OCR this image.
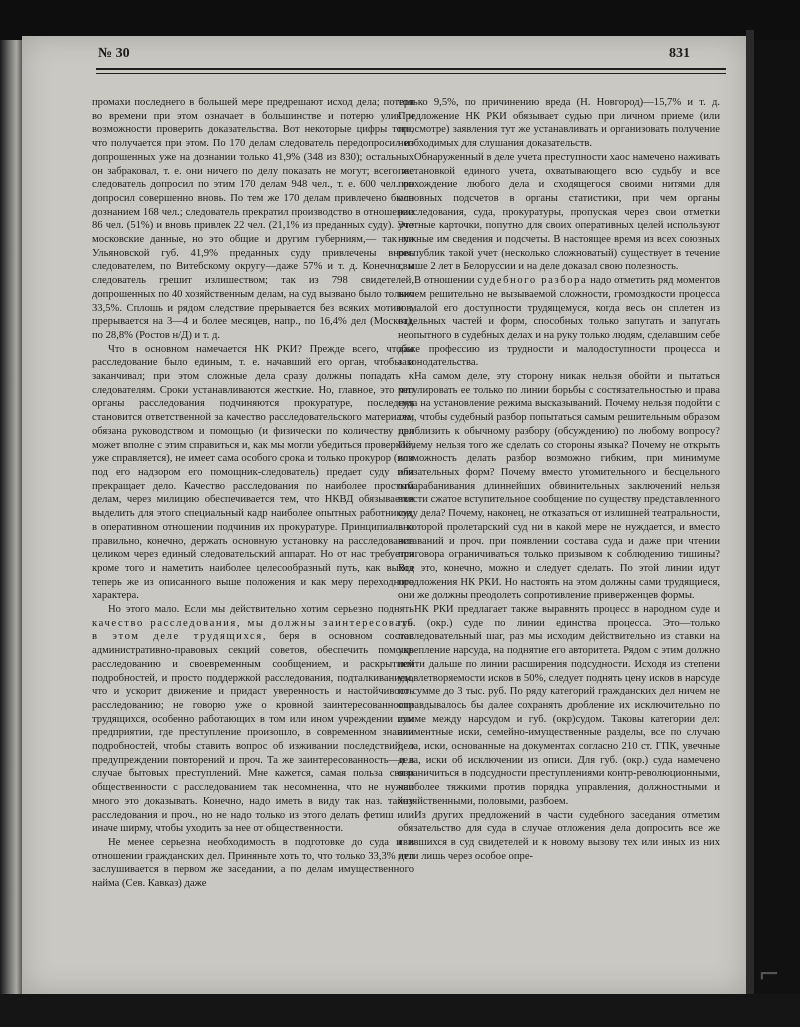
№ 30	831

промахи последнего в большей мере предрешают исход дела; потеря во времени при этом означает в большинстве и потерю улик и возможности проверить доказательства. Вот некоторые цифры того, что получается при этом. По 170 делам следователь передопросил из допрошенных уже на дознании только 41,9% (348 из 830); остальных он забраковал, т. е. они ничего по делу показать не могут; всего же следователь допросил по этим 170 делам 948 чел., т. е. 600 чел. он допросил совершенно вновь. По тем же 170 делам привлечено было дознанием 168 чел.; следователь прекратил производство в отношении 86 чел. (51%) и вновь привлек 22 чел. (21,1% из преданных суду). Это московские данные, но это общие и другим губерниям,— так по Ульяновской губ. 41,9% преданных суду привлечены вновь следователем, по Витебскому округу—даже 57% и т. д. Конечно, и следователь грешит излишеством; так из 798 свидетелей, допрошенных по 40 хозяйственным делам, на суд вызвано было только 33,5%. Сплошь и рядом следствие прерывается без всяких мотивов, прерывается на 3—4 и более месяцев, напр., по 16,4% дел (Москва), по 28,8% (Ростов н/Д) и т. д.

Что в основном намечается НК РКИ? Прежде всего, чтобы расследование было единым, т. е. начавший его орган, чтобы и заканчивал; при этом сложные дела сразу должны попадать к следователям. Сроки устанавливаются жесткие. Но, главное, это что органы расследования подчиняются прокуратуре, последняя становится ответственной за качество расследовательского материала, обязана руководством и помощью (и физически по количеству дел может вполне с этим справиться и, как мы могли убедиться проверкой, уже справляется), не имеет сама особого срока и только прокурор (или под его надзором его помощник-следователь) предает суду или прекращает дело. Качество расследования по наиболее простым делам, через милицию обеспечивается тем, что НКВД обязывается выделить для этого специальный кадр наиболее опытных работников, в оперативном отношении подчинив их прокуратуре. Принципиально правильно, конечно, держать основную установку на расследование целиком через единый следовательский аппарат. Но от нас требуется кроме того и наметить наиболее целесообразный путь, как выход теперь же из описанного выше положения и как меру переходного характера.

Но этого мало. Если мы действительно хотим серьезно поднять качество расследования, мы должны заинтересовать в этом деле трудящихся, беря в основном состав административно-правовых секций советов, обеспечить помощь расследованию и своевременным сообщением, и раскрытием подробностей, и просто поддержкой расследования, подталкиванием, что и ускорит движение и придаст уверенность и настойчивость расследованию; не говорю уже о кровной заинтересованности трудящихся, особенно работающих в том или ином учреждении или предприятии, где преступление произошло, в современном знании подробностей, чтобы ставить вопрос об изживании последствий, о предупреждении повторений и проч. Та же заинтересованность—и в случае бытовых преступлений. Мне кажется, самая польза связи общественности с расследованием так несомненна, что не нужно много это доказывать. Конечно, надо иметь в виду так наз. тайну расследования и проч., но не надо только из этого делать фетиш или иначе ширму, чтобы уходить за нее от общественности.

Не менее серьезна необходимость в подготовке до суда и в отношении гражданских дел. Приняньте хоть то, что только 33,3% дел заслушивается в первом же заседании, а по делам имущественного найма (Сев. Кавказ) даже

только 9,5%, по причинению вреда (Н. Новгород)—15,7% и т. д. Предложение НК РКИ обязывает судью при личном приеме (или просмотре) заявления тут же устанавливать и организовать получение необходимых для слушания доказательств.

Обнаруженный в деле учета преступности хаос намечено наживать постановкой единого учета, охватывающего всю судьбу и все прохождение любого дела и сходящегося своими нитями для основных подсчетов в органы статистики, при чем органы расследования, суда, прокуратуры, пропуская через свои отметки учетные карточки, попутно для своих оперативных целей используют нужные им сведения и подсчеты. В настоящее время из всех союзных республик такой учет (несколько сложноватый) существует в течение свыше 2 лет в Белоруссии и на деле доказал свою полезность.

В отношении судебного разбора надо отметить ряд моментов ничем решительно не вызываемой сложности, громоздкости процесса и малой его доступности трудящемуся, когда весь он сплетен из отдельных частей и форм, способных только запутать и запугать неопытного в судебных делах и на руку только людям, сделавшим себе даже профессию из трудности и малодоступности процесса и законодательства.

На самом деле, эту сторону никак нельзя обойти и пытаться регулировать ее только по линии борьбы с состязательностью и права суда на установление режима высказываний. Почему нельзя подойти с тем, чтобы судебный разбор попытаться самым решительным образом приблизить к обычному разбору (обсуждению) по любому вопросу? Почему нельзя того же сделать со стороны языка? Почему не открыть возможность делать разбор возможно гибким, при минимуме обязательных форм? Почему вместо утомительного и бесцельного отбарабанивания длиннейших обвинительных заключений нельзя ввести сжатое вступительное сообщение по существу представленного суду дела? Почему, наконец, не отказаться от излишней театральности, в которой пролетарский суд ни в какой мере не нуждается, и вместо вставаний и проч. при появлении состава суда и даже при чтении приговора ограничиваться только призывом к соблюдению тишины? Все это, конечно, можно и следует сделать. По этой линии идут предложения НК РКИ. Но настоять на этом должны сами трудящиеся, они же должны преодолеть сопротивление приверженцев формы.

НК РКИ предлагает также выравнять процесс в народном суде и губ. (окр.) суде по линии единства процесса. Это—только последовательный шаг, раз мы исходим действительно из ставки на укрепление нарсуда, на поднятие его авторитета. Рядом с этим должно пойти дальше по линии расширения подсудности. Исходя из степени удовлетворяемости исков в 50%, следует поднять цену исков в нарсуде по сумме до 3 тыс. руб. По ряду категорий гражданских дел ничем не оправдывалось бы далее сохранять дробление их исключительно по сумме между нарсудом и губ. (окр)судом. Таковы категории дел: алиментные иски, семейно-имущественные разделы, все по случаю дела, иски, основанные на документах согласно 210 ст. ГПК, увечные дела, иски об исключении из описи. Для губ. (окр.) суда намечено ограничиться в подсудности преступлениями контр-революционными, наиболее тяжкими против порядка управления, должностными и хозяйственными, половыми, разбоем.

Из других предложений в части судебного заседания отметим обязательство для суда в случае отложения дела допросить все же явившихся в суд свидетелей и к новому вызову тех или иных из них итти лишь через особое опре-

⌐
